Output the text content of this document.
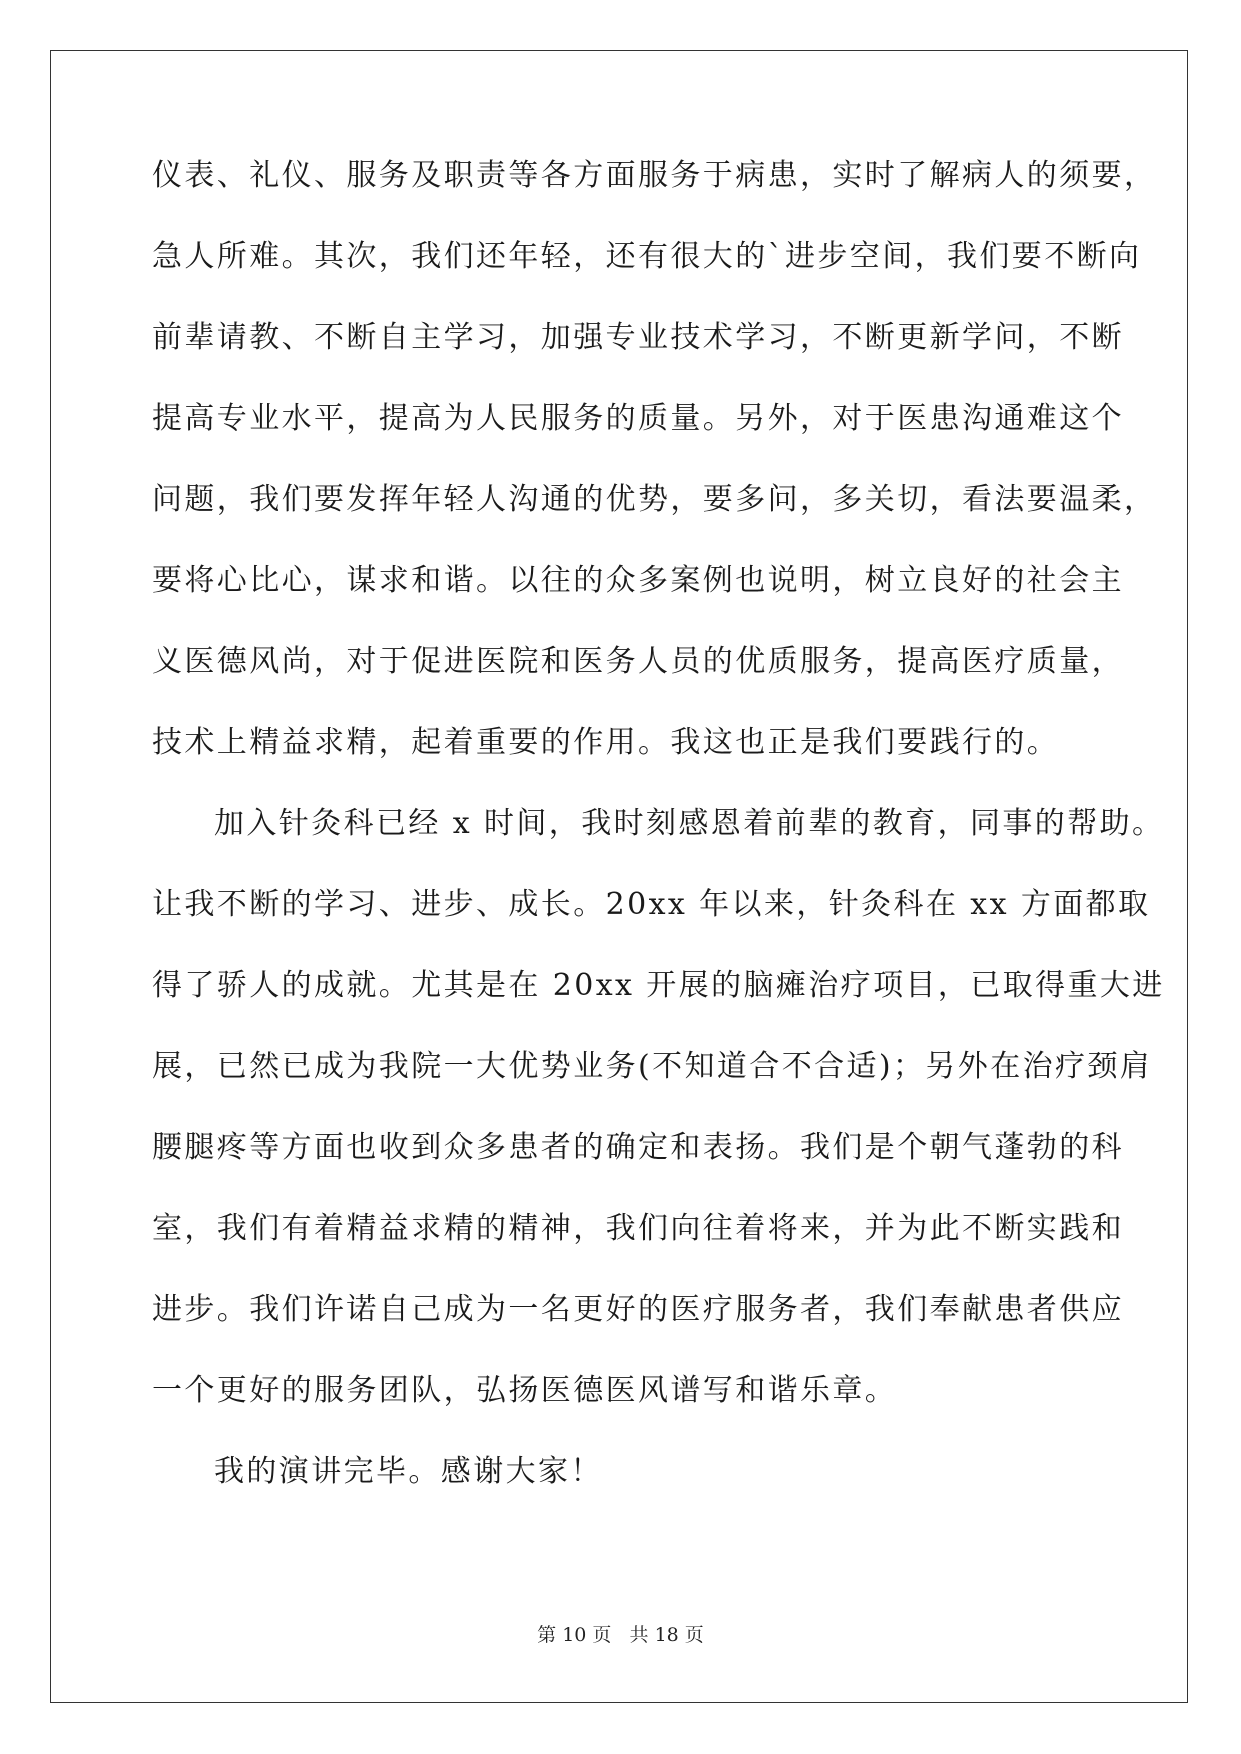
仪表、礼仪、服务及职责等各方面服务于病患，实时了解病人的须要，
急人所难。其次，我们还年轻，还有很大的`进步空间，我们要不断向
前辈请教、不断自主学习，加强专业技术学习，不断更新学问，不断
提高专业水平，提高为人民服务的质量。另外，对于医患沟通难这个
问题，我们要发挥年轻人沟通的优势，要多问，多关切，看法要温柔，
要将心比心，谋求和谐。以往的众多案例也说明，树立良好的社会主
义医德风尚，对于促进医院和医务人员的优质服务，提高医疗质量，
技术上精益求精，起着重要的作用。我这也正是我们要践行的。
加入针灸科已经 x 时间，我时刻感恩着前辈的教育，同事的帮助。
让我不断的学习、进步、成长。20xx 年以来，针灸科在 xx 方面都取
得了骄人的成就。尤其是在 20xx 开展的脑瘫治疗项目，已取得重大进
展，已然已成为我院一大优势业务(不知道合不合适)；另外在治疗颈肩
腰腿疼等方面也收到众多患者的确定和表扬。我们是个朝气蓬勃的科
室，我们有着精益求精的精神，我们向往着将来，并为此不断实践和
进步。我们许诺自己成为一名更好的医疗服务者，我们奉献患者供应
一个更好的服务团队，弘扬医德医风谱写和谐乐章。
我的演讲完毕。感谢大家！
第 10 页   共 18 页
